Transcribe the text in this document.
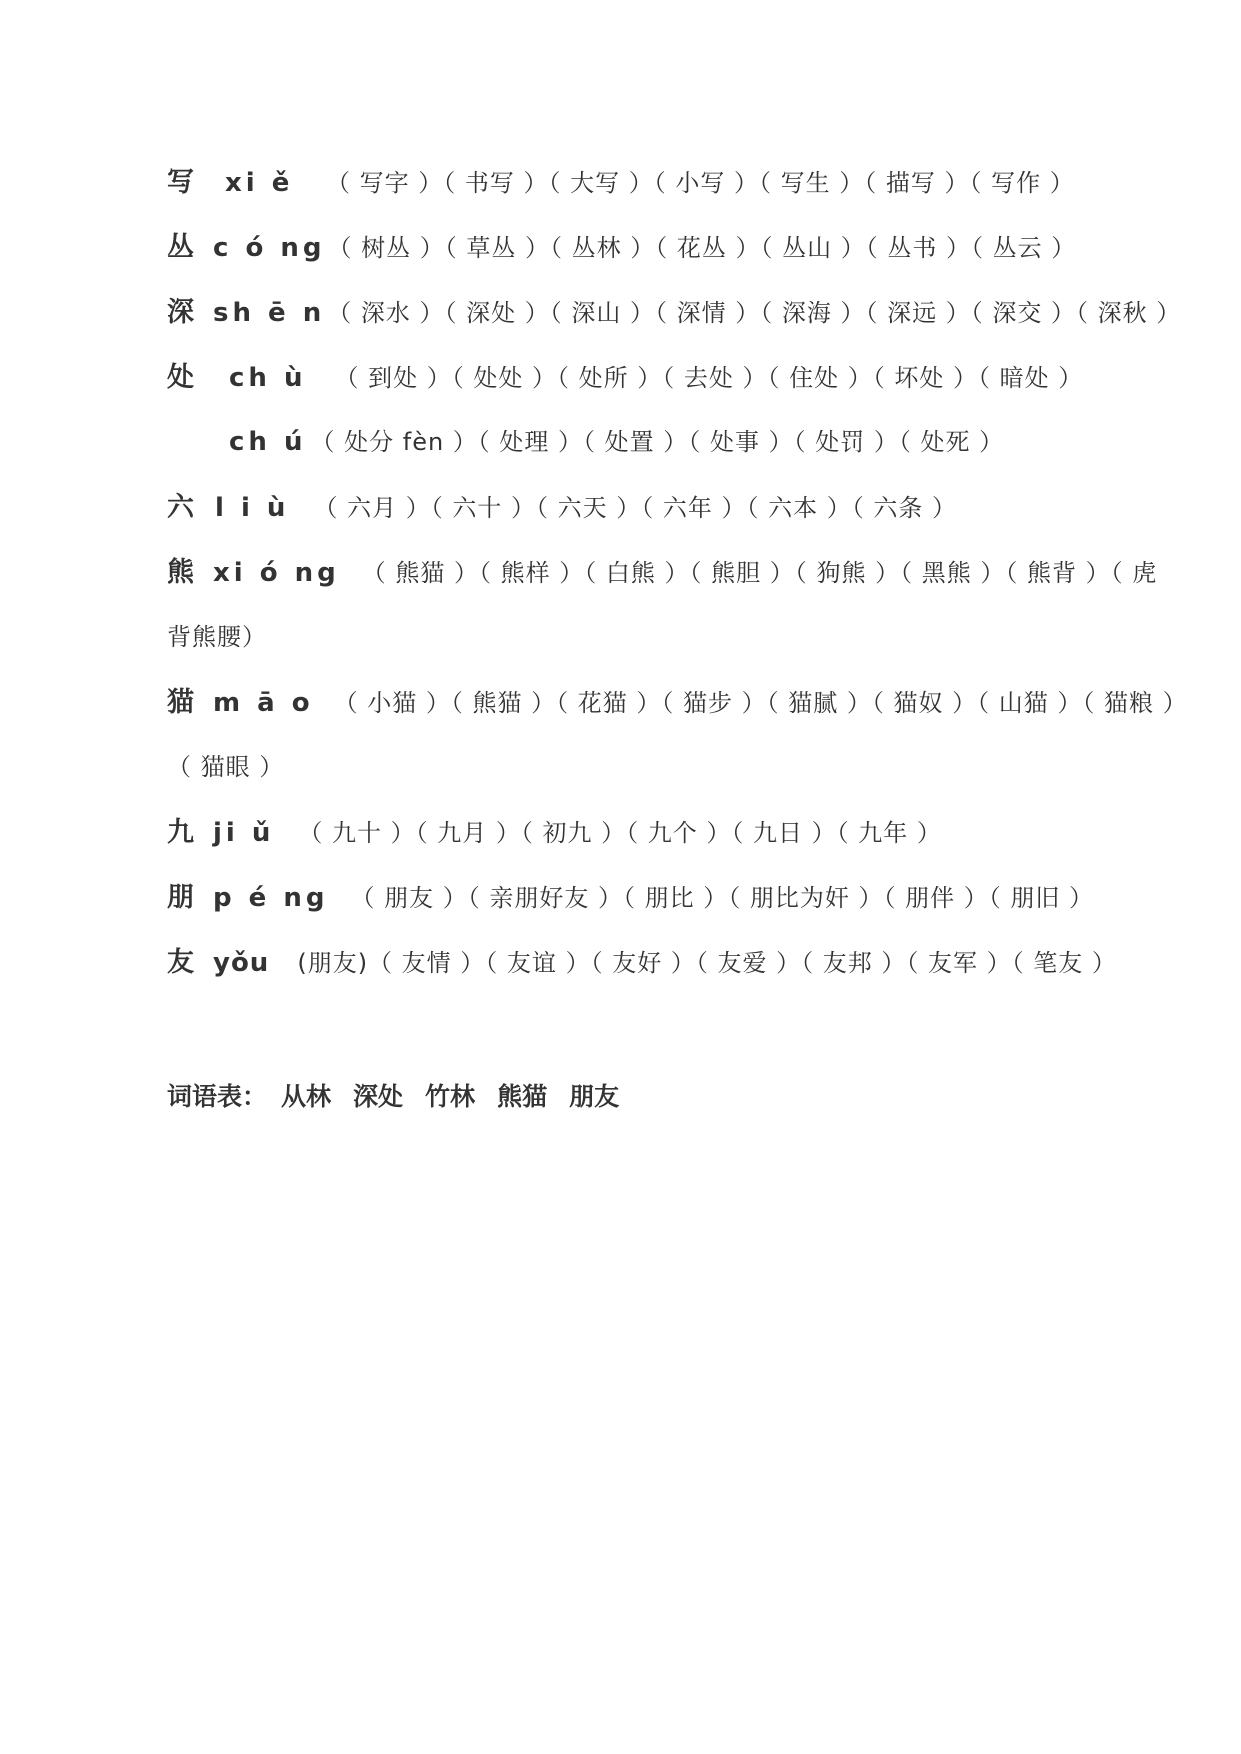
写 xi ě （ 写字 ）（ 书写 ）（ 大写 ）（ 小写 ）（ 写生 ）（ 描写 ）（ 写作 ）
丛 c ó ng（ 树丛 ）（ 草丛 ）（ 丛林 ）（ 花丛 ）（ 丛山 ）（ 丛书 ）（ 丛云 ）
深 sh ē n（ 深水 ）（ 深处 ）（ 深山 ）（ 深情 ）（ 深海 ）（ 深远 ）（ 深交 ）（ 深秋 ）
处 ch ù （ 到处 ）（ 处处 ）（ 处所 ）（ 去处 ）（ 住处 ）（ 坏处 ）（ 暗处 ）
ch ú （ 处分 fèn ）（ 处理 ）（ 处置 ）（ 处事 ）（ 处罚 ）（ 处死 ）
六 l i ù （ 六月 ）（ 六十 ）（ 六天 ）（ 六年 ）（ 六本 ）（ 六条 ）
熊 xi ó ng （ 熊猫 ）（ 熊样 ）（ 白熊 ）（ 熊胆 ）（ 狗熊 ）（ 黑熊 ）（ 熊背 ）（ 虎
背熊腰）
猫 m ā o （ 小猫 ）（ 熊猫 ）（ 花猫 ）（ 猫步 ）（ 猫腻 ）（ 猫奴 ）（ 山猫 ）（ 猫粮 ）
（ 猫眼 ）
九 ji ǔ （ 九十 ）（ 九月 ）（ 初九 ）（ 九个 ）（ 九日 ）（ 九年 ）
朋 p é ng （ 朋友 ）（ 亲朋好友 ）（ 朋比 ）（ 朋比为奸 ）（ 朋伴 ）（ 朋旧 ）
友 yǒu (朋友)（ 友情 ）（ 友谊 ）（ 友好 ）（ 友爱 ）（ 友邦 ）（ 友军 ）（ 笔友 ）
词语表： 从林 深处 竹林 熊猫 朋友
